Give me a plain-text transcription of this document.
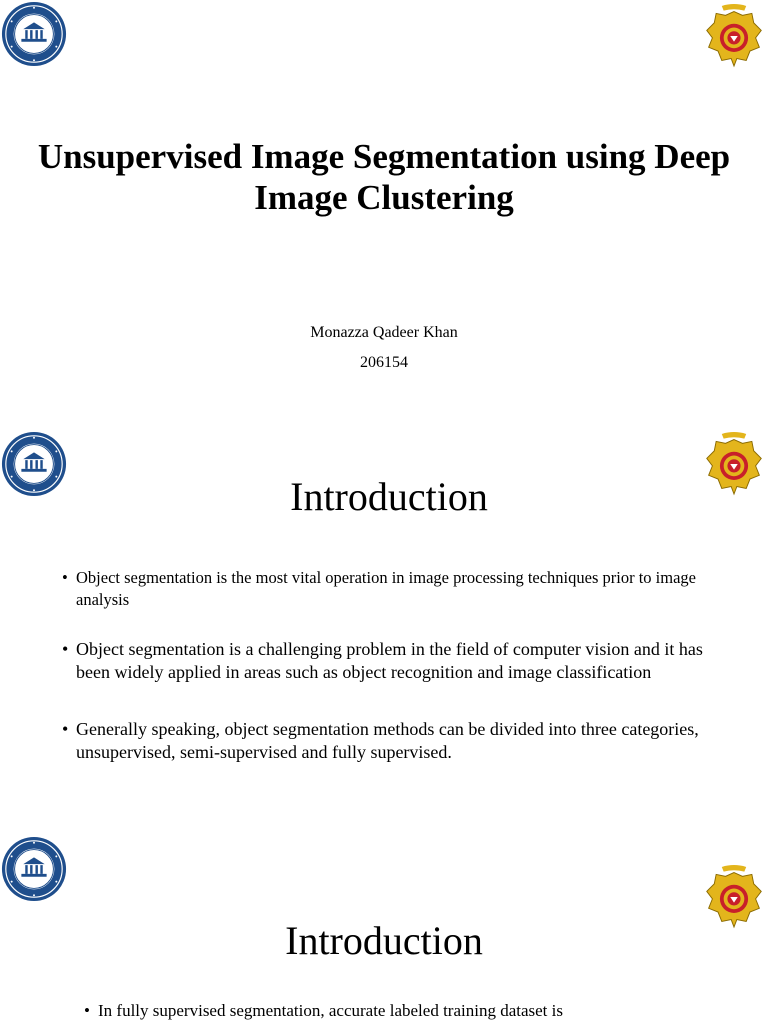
Unsupervised Image Segmentation using Deep Image Clustering
Monazza Qadeer Khan
206154
Introduction
• Object segmentation is the most vital operation in image processing techniques prior to image analysis
• Object segmentation is a challenging problem in the field of computer vision and it has been widely applied in areas such as object recognition and image classification
• Generally speaking, object segmentation methods can be divided into three categories, unsupervised, semi-supervised and fully supervised.
Introduction
• In fully supervised segmentation, accurate labeled training dataset is
